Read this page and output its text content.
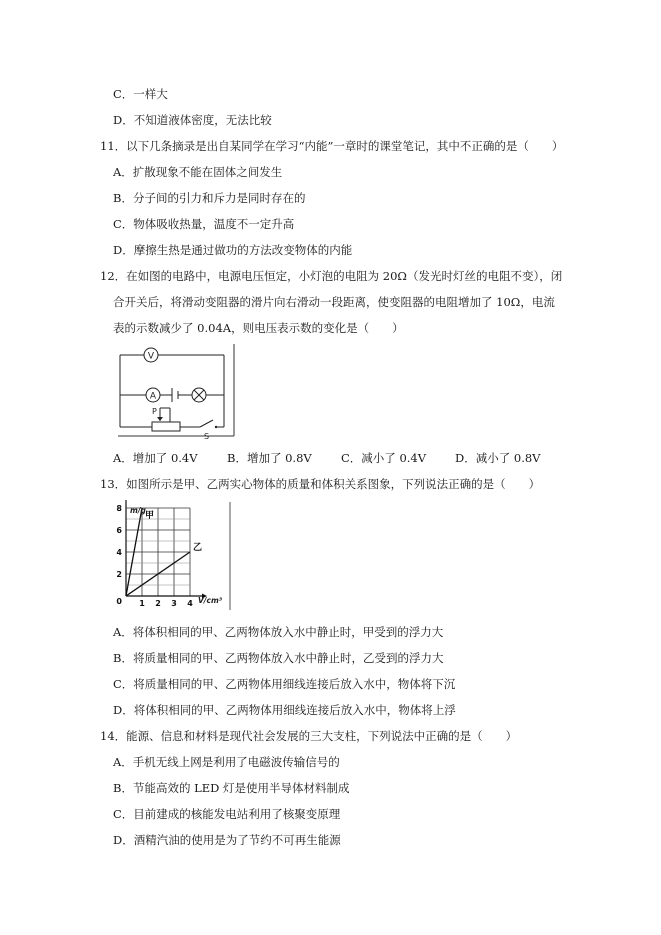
C．一样大
D．不知道液体密度，无法比较
11．以下几条摘录是出自某同学在学习“内能”一章时的课堂笔记，其中不正确的是（　　）
A．扩散现象不能在固体之间发生
B．分子间的引力和斥力是同时存在的
C．物体吸收热量，温度不一定升高
D．摩擦生热是通过做功的方法改变物体的内能
12．在如图的电路中，电源电压恒定，小灯泡的电阻为 20Ω（发光时灯丝的电阻不变），闭
合开关后，将滑动变阻器的滑片向右滑动一段距离，使变阻器的电阻增加了 10Ω，电流
表的示数减少了 0.04A，则电压表示数的变化是（　　）
V
A
P
S
A．增加了 0.4V	B．增加了 0.8V	C．减小了 0.4V	D．减小了 0.8V
13．如图所示是甲、乙两实心物体的质量和体积关系图象，下列说法正确的是（　　）
甲
乙
1 2 3 4
8
6
4
2
0
m/g
V/cm³
A．将体积相同的甲、乙两物体放入水中静止时，甲受到的浮力大
B．将质量相同的甲、乙两物体放入水中静止时，乙受到的浮力大
C．将质量相同的甲、乙两物体用细线连接后放入水中，物体将下沉
D．将体积相同的甲、乙两物体用细线连接后放入水中，物体将上浮
14．能源、信息和材料是现代社会发展的三大支柱，下列说法中正确的是（　　）
A．手机无线上网是利用了电磁波传输信号的
B．节能高效的 LED 灯是使用半导体材料制成
C．目前建成的核能发电站利用了核聚变原理
D．酒精汽油的使用是为了节约不可再生能源
